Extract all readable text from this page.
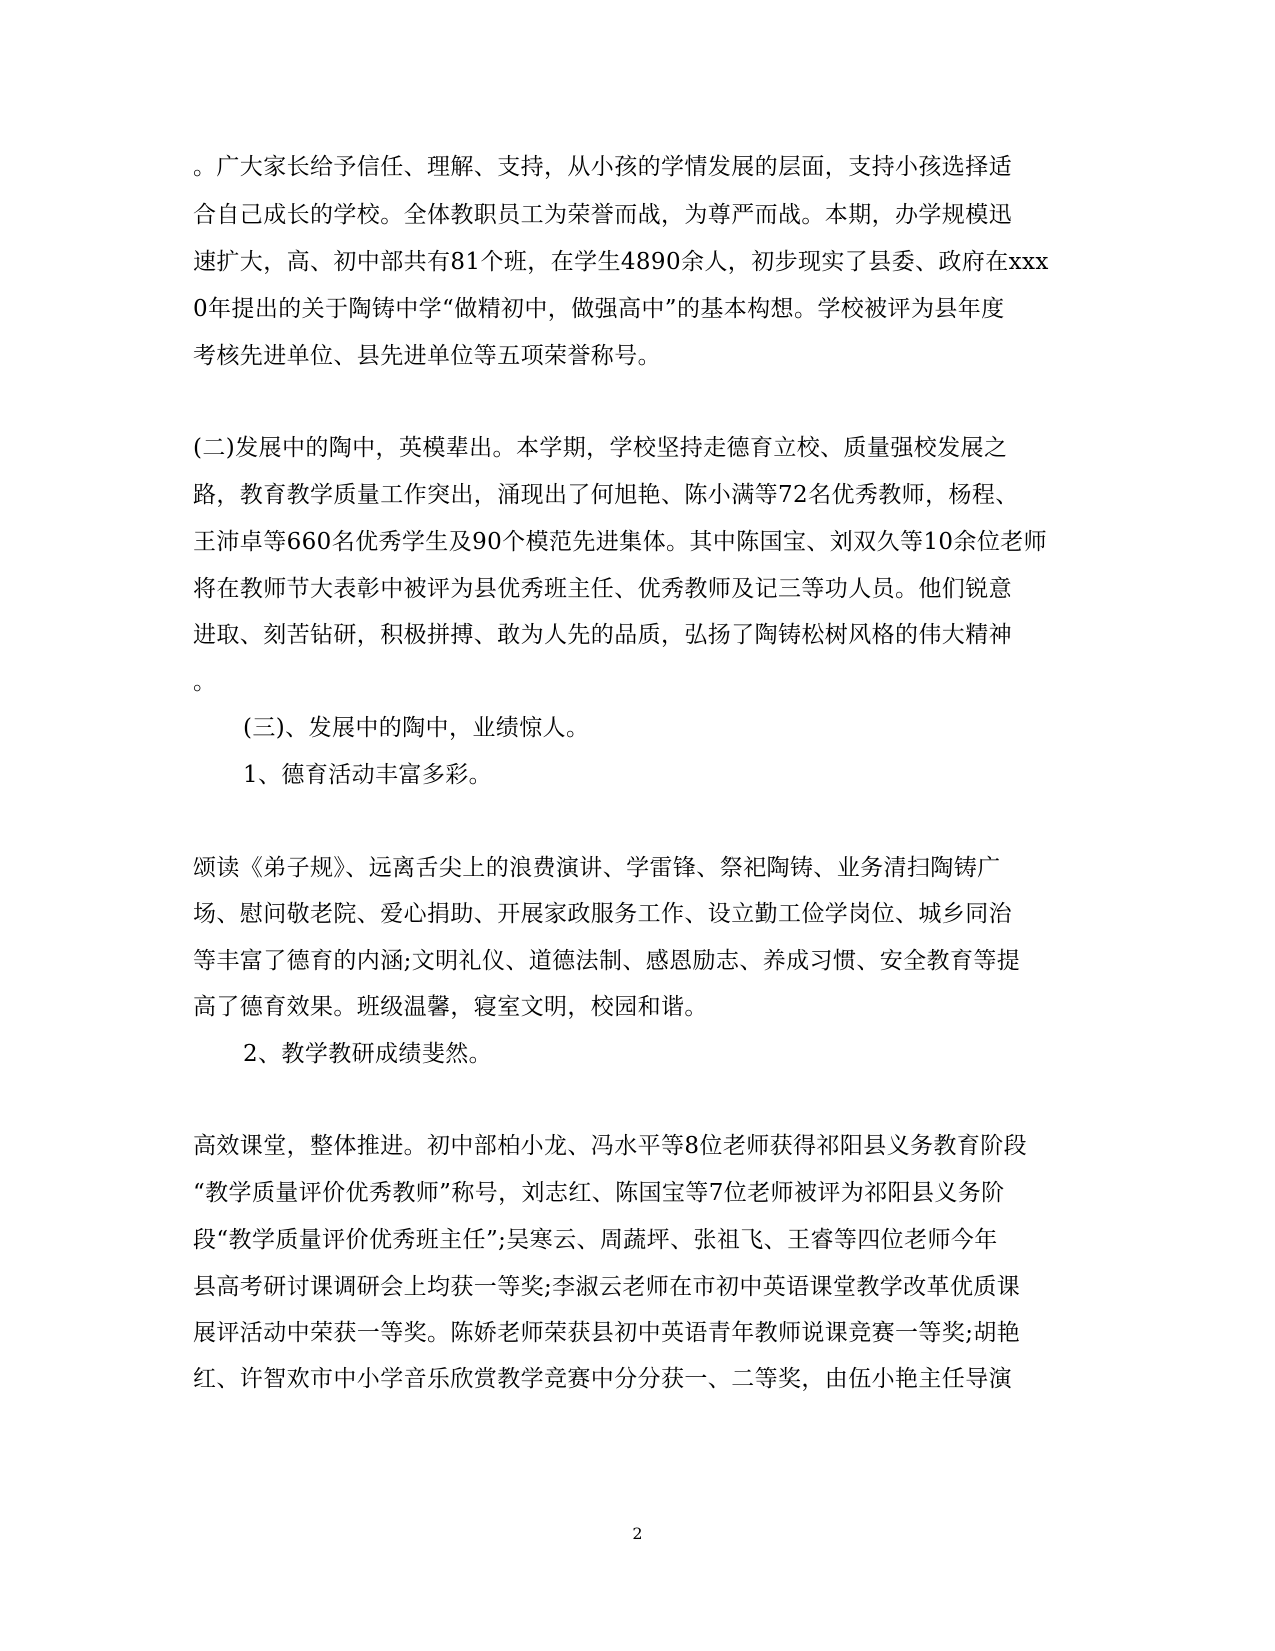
。广大家长给予信任、理解、支持，从小孩的学情发展的层面，支持小孩选择适
合自己成长的学校。全体教职员工为荣誉而战，为尊严而战。本期，办学规模迅
速扩大，高、初中部共有81个班，在学生4890余人，初步现实了县委、政府在xxx
0年提出的关于陶铸中学“做精初中，做强高中”的基本构想。学校被评为县年度
考核先进单位、县先进单位等五项荣誉称号。
(二)发展中的陶中，英模辈出。本学期，学校坚持走德育立校、质量强校发展之
路，教育教学质量工作突出，涌现出了何旭艳、陈小满等72名优秀教师，杨程、
王沛卓等660名优秀学生及90个模范先进集体。其中陈国宝、刘双久等10余位老师
将在教师节大表彰中被评为县优秀班主任、优秀教师及记三等功人员。他们锐意
进取、刻苦钻研，积极拼搏、敢为人先的品质，弘扬了陶铸松树风格的伟大精神
。
(三)、发展中的陶中，业绩惊人。
1、德育活动丰富多彩。
颂读《弟子规》、远离舌尖上的浪费演讲、学雷锋、祭祀陶铸、业务清扫陶铸广
场、慰问敬老院、爱心捐助、开展家政服务工作、设立勤工俭学岗位、城乡同治
等丰富了德育的内涵;文明礼仪、道德法制、感恩励志、养成习惯、安全教育等提
高了德育效果。班级温馨，寝室文明，校园和谐。
2、教学教研成绩斐然。
高效课堂，整体推进。初中部柏小龙、冯水平等8位老师获得祁阳县义务教育阶段
“教学质量评价优秀教师”称号，刘志红、陈国宝等7位老师被评为祁阳县义务阶
段“教学质量评价优秀班主任”;吴寒云、周蔬坪、张祖飞、王睿等四位老师今年
县高考研讨课调研会上均获一等奖;李淑云老师在市初中英语课堂教学改革优质课
展评活动中荣获一等奖。陈娇老师荣获县初中英语青年教师说课竞赛一等奖;胡艳
红、许智欢市中小学音乐欣赏教学竞赛中分分获一、二等奖，由伍小艳主任导演
2
